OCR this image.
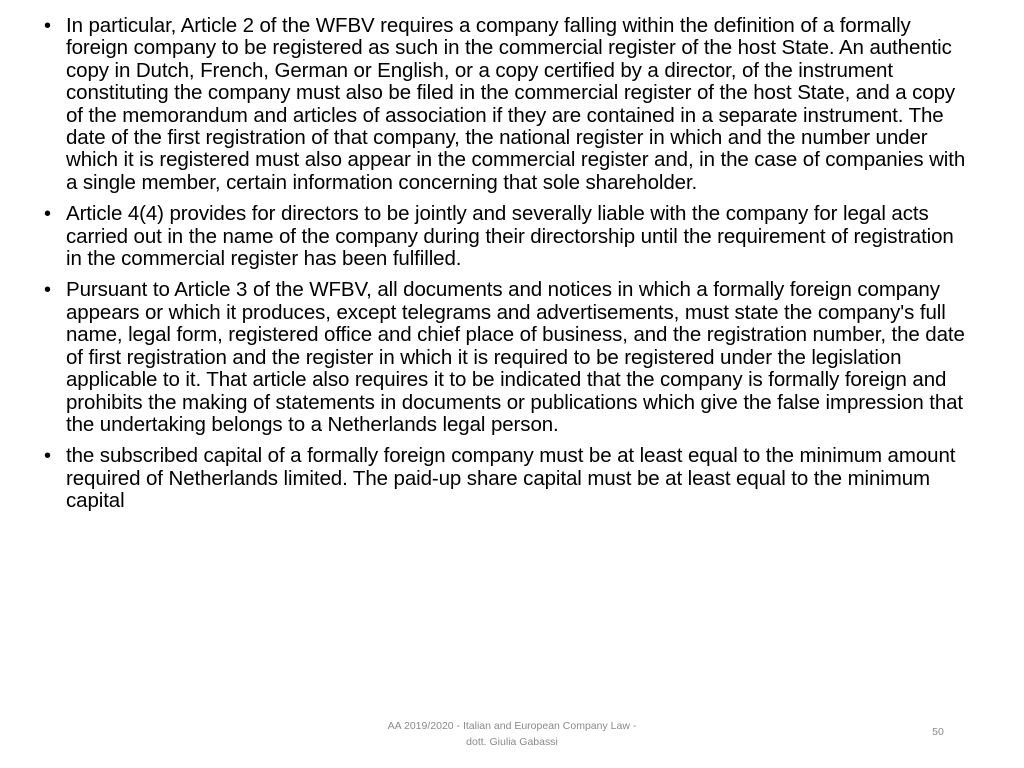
• In particular, Article 2 of the WFBV requires a company falling within the definition of a formally foreign company to be registered as such in the commercial register of the host State. An authentic copy in Dutch, French, German or English, or a copy certified by a director, of the instrument constituting the company must also be filed in the commercial register of the host State, and a copy of the memorandum and articles of association if they are contained in a separate instrument. The date of the first registration of that company, the national register in which and the number under which it is registered must also appear in the commercial register and, in the case of companies with a single member, certain information concerning that sole shareholder.
• Article 4(4) provides for directors to be jointly and severally liable with the company for legal acts carried out in the name of the company during their directorship until the requirement of registration in the commercial register has been fulfilled.
• Pursuant to Article 3 of the WFBV, all documents and notices in which a formally foreign company appears or which it produces, except telegrams and advertisements, must state the company's full name, legal form, registered office and chief place of business, and the registration number, the date of first registration and the register in which it is required to be registered under the legislation applicable to it. That article also requires it to be indicated that the company is formally foreign and prohibits the making of statements in documents or publications which give the false impression that the undertaking belongs to a Netherlands legal person.
• the subscribed capital of a formally foreign company must be at least equal to the minimum amount required of Netherlands limited. The paid-up share capital must be at least equal to the minimum capital
AA 2019/2020 - Italian and European Company Law -
dott. Giulia Gabassi
50
